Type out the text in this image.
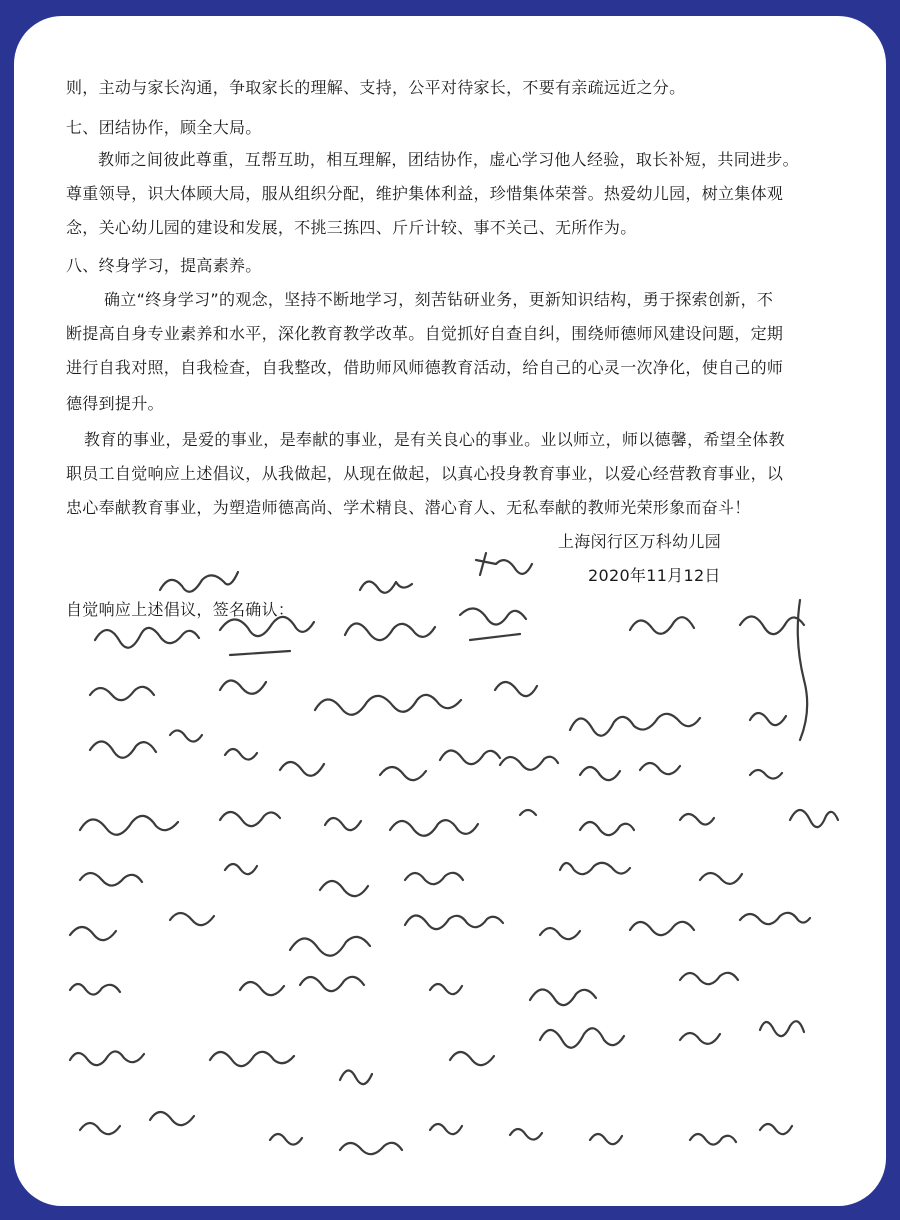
则，主动与家长沟通，争取家长的理解、支持，公平对待家长，不要有亲疏远近之分。
七、团结协作，顾全大局。
教师之间彼此尊重，互帮互助，相互理解，团结协作，虚心学习他人经验，取长补短，共同进步。
尊重领导，识大体顾大局，服从组织分配，维护集体利益，珍惜集体荣誉。热爱幼儿园，树立集体观
念，关心幼儿园的建设和发展，不挑三拣四、斤斤计较、事不关己、无所作为。
八、终身学习，提高素养。
确立“终身学习”的观念，坚持不断地学习，刻苦钻研业务，更新知识结构，勇于探索创新，不
断提高自身专业素养和水平，深化教育教学改革。自觉抓好自查自纠，围绕师德师风建设问题，定期
进行自我对照，自我检查，自我整改，借助师风师德教育活动，给自己的心灵一次净化，使自己的师
德得到提升。
教育的事业，是爱的事业，是奉献的事业，是有关良心的事业。业以师立，师以德馨，希望全体教
职员工自觉响应上述倡议，从我做起，从现在做起，以真心投身教育事业，以爱心经营教育事业，以
忠心奉献教育事业，为塑造师德高尚、学术精良、潜心育人、无私奉献的教师光荣形象而奋斗！
上海闵行区万科幼儿园
2020年11月12日
自觉响应上述倡议，签名确认：
